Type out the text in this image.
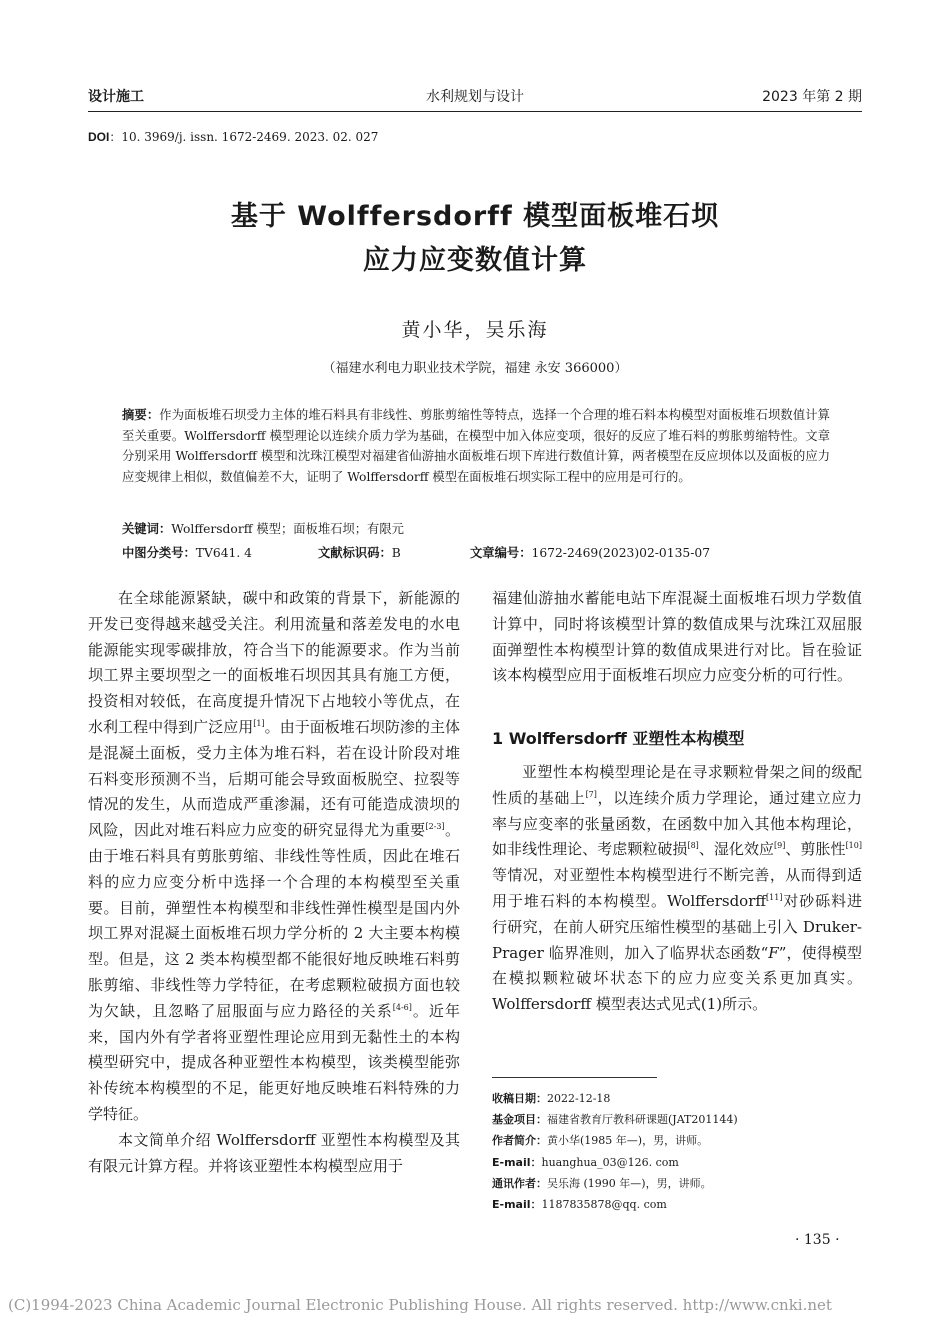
设计施工	水利规划与设计	2023 年第 2 期
DOI：10. 3969/j. issn. 1672-2469. 2023. 02. 027
基于 Wolffersdorff 模型面板堆石坝
应力应变数值计算
黄小华，吴乐海
（福建水利电力职业技术学院，福建 永安 366000）
摘要：作为面板堆石坝受力主体的堆石料具有非线性、剪胀剪缩性等特点，选择一个合理的堆石料本构模型对面板堆石坝数值计算至关重要。Wolffersdorff 模型理论以连续介质力学为基础，在模型中加入体应变项，很好的反应了堆石料的剪胀剪缩特性。文章分别采用 Wolffersdorff 模型和沈珠江模型对福建省仙游抽水面板堆石坝下库进行数值计算，两者模型在反应坝体以及面板的应力应变规律上相似，数值偏差不大，证明了 Wolffersdorff 模型在面板堆石坝实际工程中的应用是可行的。
关键词：Wolffersdorff 模型；面板堆石坝；有限元
中图分类号：TV641. 4	文献标识码：B	文章编号：1672-2469(2023)02-0135-07

在全球能源紧缺，碳中和政策的背景下，新能源的开发已变得越来越受关注。利用流量和落差发电的水电能源能实现零碳排放，符合当下的能源要求。作为当前坝工界主要坝型之一的面板堆石坝因其具有施工方便，投资相对较低，在高度提升情况下占地较小等优点，在水利工程中得到广泛应用[1]。由于面板堆石坝防渗的主体是混凝土面板，受力主体为堆石料，若在设计阶段对堆石料变形预测不当，后期可能会导致面板脱空、拉裂等情况的发生，从而造成严重渗漏，还有可能造成溃坝的风险，因此对堆石料应力应变的研究显得尤为重要[2-3]。由于堆石料具有剪胀剪缩、非线性等性质，因此在堆石料的应力应变分析中选择一个合理的本构模型至关重要。目前，弹塑性本构模型和非线性弹性模型是国内外坝工界对混凝土面板堆石坝力学分析的 2 大主要本构模型。但是，这 2 类本构模型都不能很好地反映堆石料剪胀剪缩、非线性等力学特征，在考虑颗粒破损方面也较为欠缺，且忽略了屈服面与应力路径的关系[4-6]。近年来，国内外有学者将亚塑性理论应用到无黏性土的本构模型研究中，提成各种亚塑性本构模型，该类模型能弥补传统本构模型的不足，能更好地反映堆石料特殊的力学特征。

本文简单介绍 Wolffersdorff 亚塑性本构模型及其有限元计算方程。并将该亚塑性本构模型应用于

福建仙游抽水蓄能电站下库混凝土面板堆石坝力学数值计算中，同时将该模型计算的数值成果与沈珠江双屈服面弹塑性本构模型计算的数值成果进行对比。旨在验证该本构模型应用于面板堆石坝应力应变分析的可行性。

1 Wolffersdorff 亚塑性本构模型

亚塑性本构模型理论是在寻求颗粒骨架之间的级配性质的基础上[7]，以连续介质力学理论，通过建立应力率与应变率的张量函数，在函数中加入其他本构理论，如非线性理论、考虑颗粒破损[8]、湿化效应[9]、剪胀性[10]等情况，对亚塑性本构模型进行不断完善，从而得到适用于堆石料的本构模型。Wolffersdorff[11]对砂砾料进行研究，在前人研究压缩性模型的基础上引入 Druker-Prager 临界准则，加入了临界状态函数“F”，使得模型在模拟颗粒破坏状态下的应力应变关系更加真实。Wolffersdorff 模型表达式见式(1)所示。

收稿日期：2022-12-18
基金项目：福建省教育厅教科研课题(JAT201144)
作者简介：黄小华(1985 年—)，男，讲师。
E-mail：huanghua_03@126. com
通讯作者：吴乐海 (1990 年—)，男，讲师。
E-mail：1187835878@qq. com
· 135 ·
(C)1994-2023 China Academic Journal Electronic Publishing House. All rights reserved. http://www.cnki.net
